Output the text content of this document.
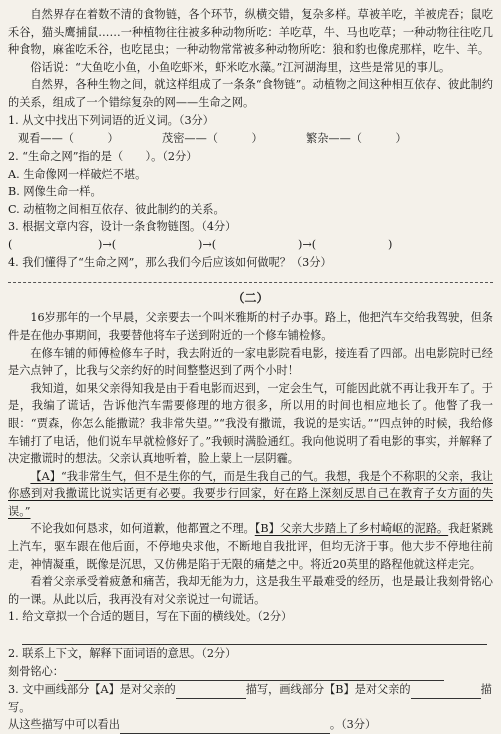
自然界存在着数不清的食物链，各个环节，纵横交错，复杂多样。草被羊吃，羊被虎吞；鼠吃禾谷，猫头鹰捕鼠……一种植物往往被多种动物所吃：羊吃草，牛、马也吃草；一种动物往往吃几种食物，麻雀吃禾谷，也吃昆虫；一种动物常常被多种动物所吃：狼和豹也像虎那样，吃牛、羊。

俗话说：“大鱼吃小鱼，小鱼吃虾米，虾米吃水藻。”江河湖海里，这些是常见的事儿。

自然界，各种生物之间，就这样组成了一条条“食物链”。动植物之间这种相互依存、彼此制约的关系，组成了一个错综复杂的网——生命之网。

1. 从文中找出下列词语的近义词。（3分）

观看——（　　　）	茂密——（　　　）	繁杂——（　　　）

2. “生命之网”指的是（　　）。（2分）

A. 生命像网一样破烂不堪。

B. 网像生命一样。

C. 动植物之间相互依存、彼此制约的关系。

3. 根据文章内容，设计一条食物链图。（4分）

(	)→(	)→(	)→(	)

4. 我们懂得了“生命之网”，那么我们今后应该如何做呢？（3分）

（二）

16岁那年的一个早晨，父亲要去一个叫米雅斯的村子办事。路上，他把汽车交给我驾驶，但条件是在他办事期间，我要替他将车子送到附近的一个修车铺检修。

在修车铺的师傅检修车子时，我去附近的一家电影院看电影，接连看了四部。出电影院时已经是六点钟了，比我与父亲约好的时间整整迟到了两个小时！

我知道，如果父亲得知我是由于看电影而迟到，一定会生气，可能因此就不再让我开车了。于是，我编了谎话，告诉他汽车需要修理的地方很多，所以用的时间也相应地长了。他瞥了我一眼：“贾森，你怎么能撒谎？我非常失望。”“我没有撒谎，我说的是实话。”“四点钟的时候，我给修车铺打了电话，他们说车早就检修好了。”我顿时满脸通红。我向他说明了看电影的事实，并解释了决定撒谎时的想法。父亲认真地听着，脸上蒙上一层阴霾。

【A】“我非常生气，但不是生你的气，而是生我自己的气。我想，我是个不称职的父亲，我让你感到对我撒谎比说实话更有必要。我要步行回家，好在路上深刻反思自己在教育子女方面的失误。”

不论我如何恳求，如何道歉，他都置之不理。【B】父亲大步踏上了乡村崎岖的泥路。我赶紧跳上汽车，驱车跟在他后面，不停地央求他，不断地自我批评，但均无济于事。他大步不停地往前走，神情凝重，既像是沉思，又仿佛是陷于无限的痛楚之中。将近20英里的路程他就这样走完。

看着父亲承受着疲惫和痛苦，我却无能为力，这是我生平最难受的经历，也是最让我刻骨铭心的一课。从此以后，我再没有对父亲说过一句谎话。

1. 给文章拟一个合适的题目，写在下面的横线处。（2分）

2. 联系上下文，解释下面词语的意思。（2分）

刻骨铭心：

3. 文中画线部分【A】是对父亲的	描写，画线部分【B】是对父亲的	描写。

从这些描写中可以看出	。（3分）
